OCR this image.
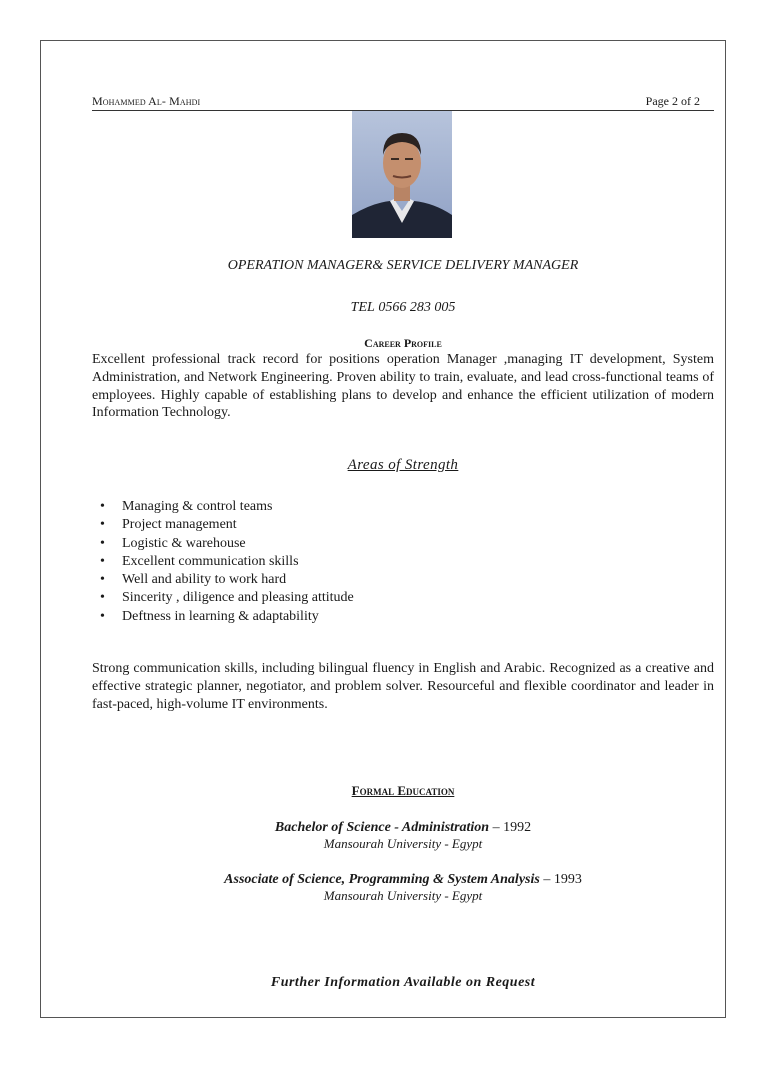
Mohammed Al- Mahdi	Page 2 of 2
OPERATION MANAGER& SERVICE DELIVERY MANAGER
TEL 0566 283 005
Career Profile
Excellent professional track record for positions operation Manager ,managing IT development, System Administration, and Network Engineering. Proven ability to train, evaluate, and lead cross-functional teams of employees. Highly capable of establishing plans to develop and enhance the efficient utilization of modern Information Technology.
Areas of Strength
• Managing & control teams
• Project management
• Logistic & warehouse
• Excellent communication skills
• Well and ability to work hard
• Sincerity , diligence and pleasing attitude
• Deftness in learning & adaptability
Strong communication skills, including bilingual fluency in English and Arabic. Recognized as a creative and effective strategic planner, negotiator, and problem solver. Resourceful and flexible coordinator and leader in fast-paced, high-volume IT environments.
Formal Education
Bachelor of Science - Administration – 1992
Mansourah University - Egypt
Associate of Science, Programming & System Analysis – 1993
Mansourah University - Egypt
Further Information Available on Request
